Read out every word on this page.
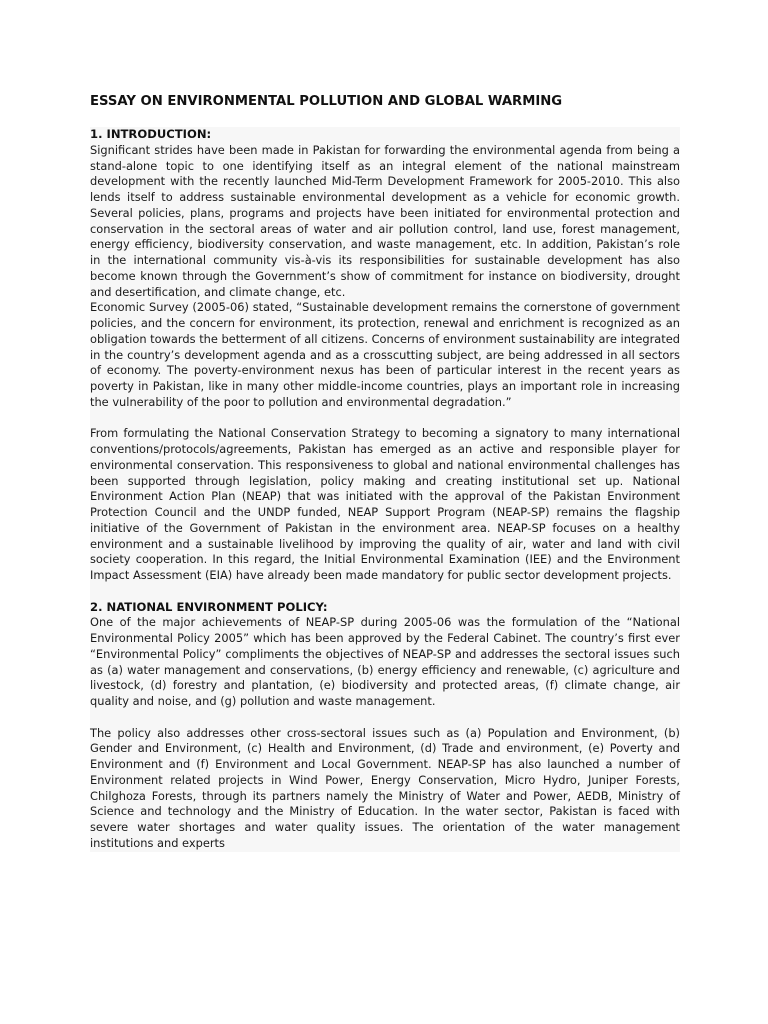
ESSAY ON ENVIRONMENTAL POLLUTION AND GLOBAL WARMING
1. INTRODUCTION:

Significant strides have been made in Pakistan for forwarding the environmental agenda from being a stand-alone topic to one identifying itself as an integral element of the national mainstream development with the recently launched Mid-Term Development Framework for 2005-2010. This also lends itself to address sustainable environmental development as a vehicle for economic growth. Several policies, plans, programs and projects have been initiated for environmental protection and conservation in the sectoral areas of water and air pollution control, land use, forest management, energy efficiency, biodiversity conservation, and waste management, etc. In addition, Pakistan’s role in the international community vis-à-vis its responsibilities for sustainable development has also become known through the Government’s show of commitment for instance on biodiversity, drought and desertification, and climate change, etc.

Economic Survey (2005-06) stated, “Sustainable development remains the cornerstone of government policies, and the concern for environment, its protection, renewal and enrichment is recognized as an obligation towards the betterment of all citizens. Concerns of environment sustainability are integrated in the country’s development agenda and as a crosscutting subject, are being addressed in all sectors of economy. The poverty-environment nexus has been of particular interest in the recent years as poverty in Pakistan, like in many other middle-income countries, plays an important role in increasing the vulnerability of the poor to pollution and environmental degradation.”

From formulating the National Conservation Strategy to becoming a signatory to many international conventions/protocols/agreements, Pakistan has emerged as an active and responsible player for environmental conservation. This responsiveness to global and national environmental challenges has been supported through legislation, policy making and creating institutional set up. National Environment Action Plan (NEAP) that was initiated with the approval of the Pakistan Environment Protection Council and the UNDP funded, NEAP Support Program (NEAP-SP) remains the flagship initiative of the Government of Pakistan in the environment area. NEAP-SP focuses on a healthy environment and a sustainable livelihood by improving the quality of air, water and land with civil society cooperation. In this regard, the Initial Environmental Examination (IEE) and the Environment Impact Assessment (EIA) have already been made mandatory for public sector development projects.

2. NATIONAL ENVIRONMENT POLICY:

One of the major achievements of NEAP-SP during 2005-06 was the formulation of the “National Environmental Policy 2005” which has been approved by the Federal Cabinet. The country’s first ever “Environmental Policy” compliments the objectives of NEAP-SP and addresses the sectoral issues such as (a) water management and conservations, (b) energy efficiency and renewable, (c) agriculture and livestock, (d) forestry and plantation, (e) biodiversity and protected areas, (f) climate change, air quality and noise, and (g) pollution and waste management.

The policy also addresses other cross-sectoral issues such as (a) Population and Environment, (b) Gender and Environment, (c) Health and Environment, (d) Trade and environment, (e) Poverty and Environment and (f) Environment and Local Government. NEAP-SP has also launched a number of Environment related projects in Wind Power, Energy Conservation, Micro Hydro, Juniper Forests, Chilghoza Forests, through its partners namely the Ministry of Water and Power, AEDB, Ministry of Science and technology and the Ministry of Education. In the water sector, Pakistan is faced with severe water shortages and water quality issues. The orientation of the water management institutions and experts
